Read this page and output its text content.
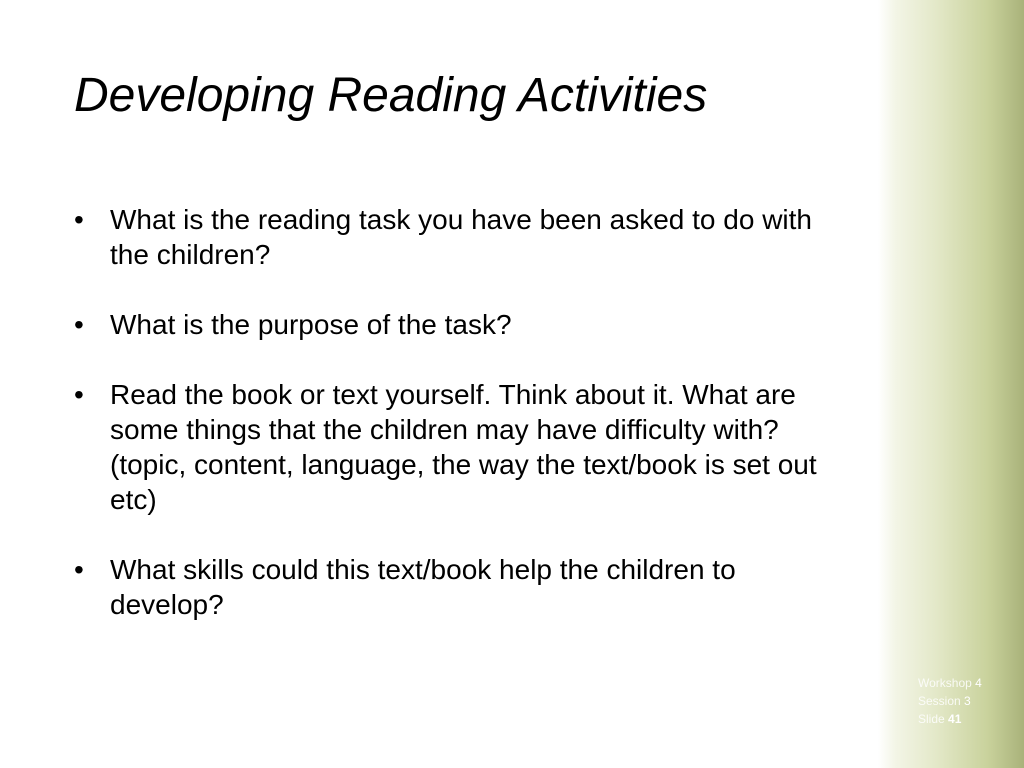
Developing Reading Activities
• What is the reading task you have been asked to do with the children?
• What is the purpose of the task?
• Read the book or text yourself. Think about it. What are some things that the children may have difficulty with? (topic, content, language, the way the text/book is set out etc)
• What skills could this text/book help the children to develop?
Workshop 4
Session 3
Slide 41
